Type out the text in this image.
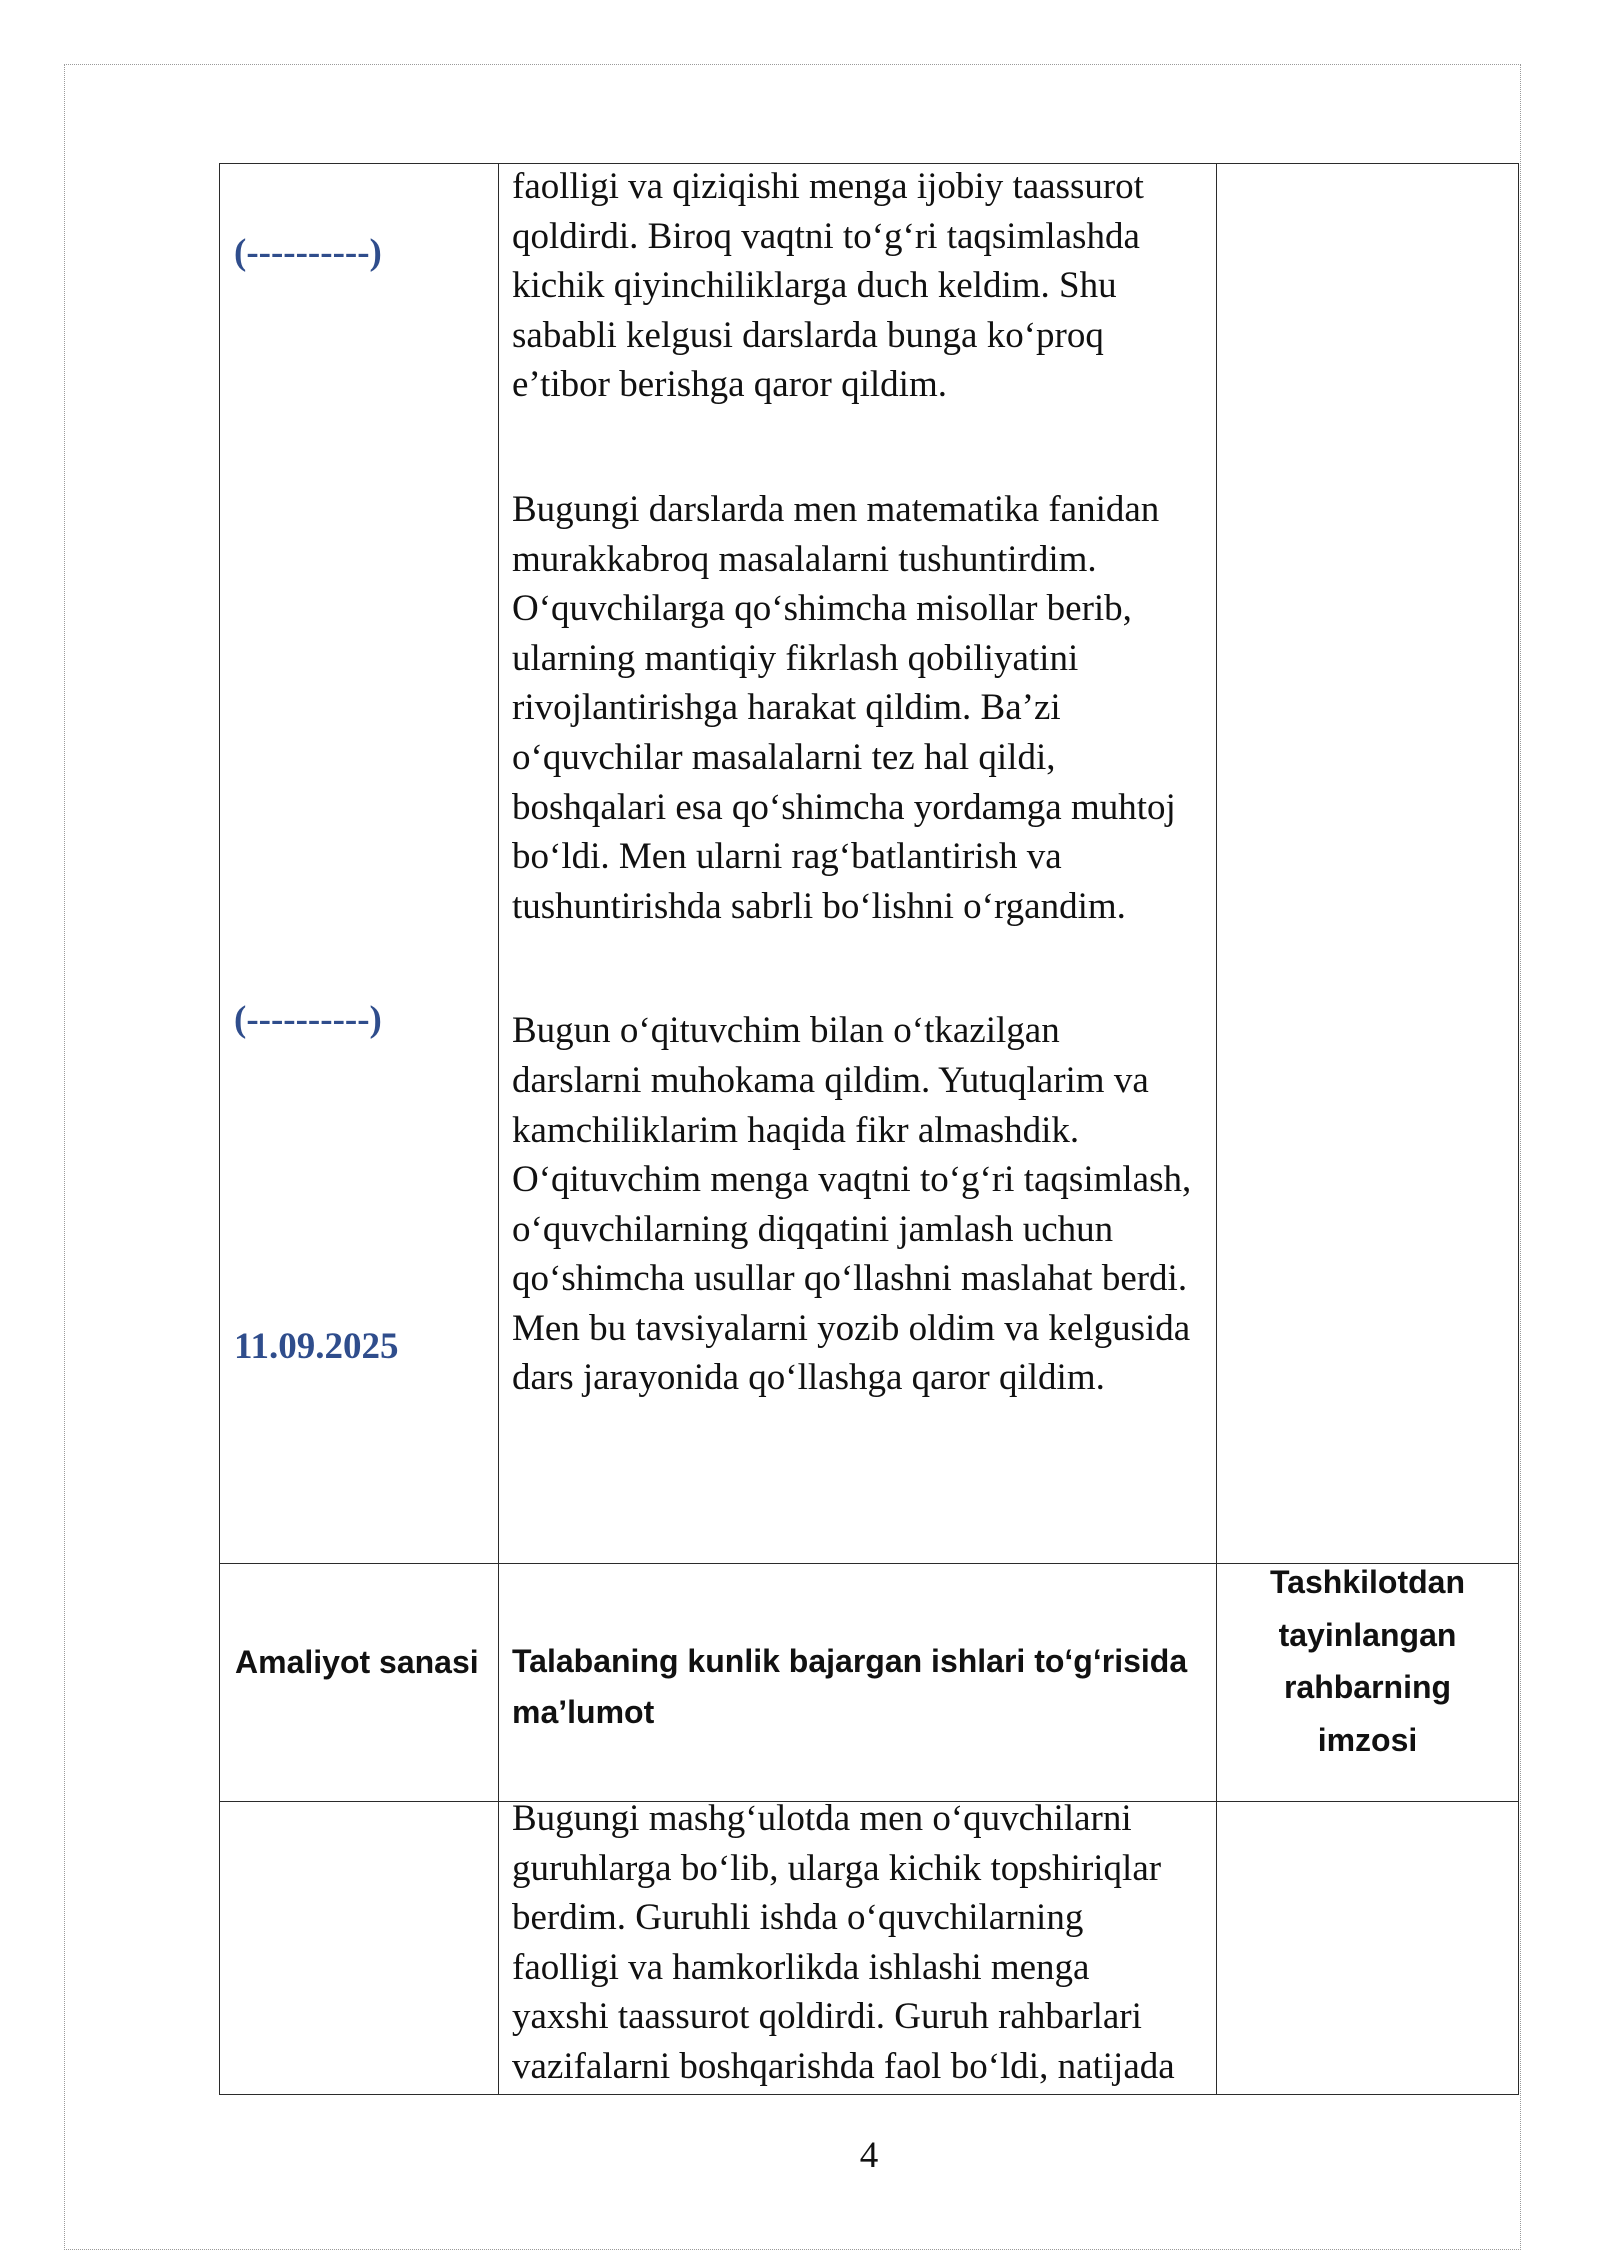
(----------)
(----------)
11.09.2025
faolligi va qiziqishi menga ijobiy taassurot
qoldirdi. Biroq vaqtni to‘g‘ri taqsimlashda
kichik qiyinchiliklarga duch keldim. Shu
sababli kelgusi darslarda bunga ko‘proq
e’tibor berishga qaror qildim.
Bugungi darslarda men matematika fanidan
murakkabroq masalalarni tushuntirdim.
O‘quvchilarga qo‘shimcha misollar berib,
ularning mantiqiy fikrlash qobiliyatini
rivojlantirishga harakat qildim. Ba’zi
o‘quvchilar masalalarni tez hal qildi,
boshqalari esa qo‘shimcha yordamga muhtoj
bo‘ldi. Men ularni rag‘batlantirish va
tushuntirishda sabrli bo‘lishni o‘rgandim.
Bugun o‘qituvchim bilan o‘tkazilgan
darslarni muhokama qildim. Yutuqlarim va
kamchiliklarim haqida fikr almashdik.
O‘qituvchim menga vaqtni to‘g‘ri taqsimlash,
o‘quvchilarning diqqatini jamlash uchun
qo‘shimcha usullar qo‘llashni maslahat berdi.
Men bu tavsiyalarni yozib oldim va kelgusida
dars jarayonida qo‘llashga qaror qildim.
Amaliyot sanasi Talabaning kunlik bajargan ishlari to‘g‘risida
ma’lumot
Tashkilotdan
tayinlangan
rahbarning
imzosi
Bugungi mashg‘ulotda men o‘quvchilarni
guruhlarga bo‘lib, ularga kichik topshiriqlar
berdim. Guruhli ishda o‘quvchilarning
faolligi va hamkorlikda ishlashi menga
yaxshi taassurot qoldirdi. Guruh rahbarlari
vazifalarni boshqarishda faol bo‘ldi, natijada
4
